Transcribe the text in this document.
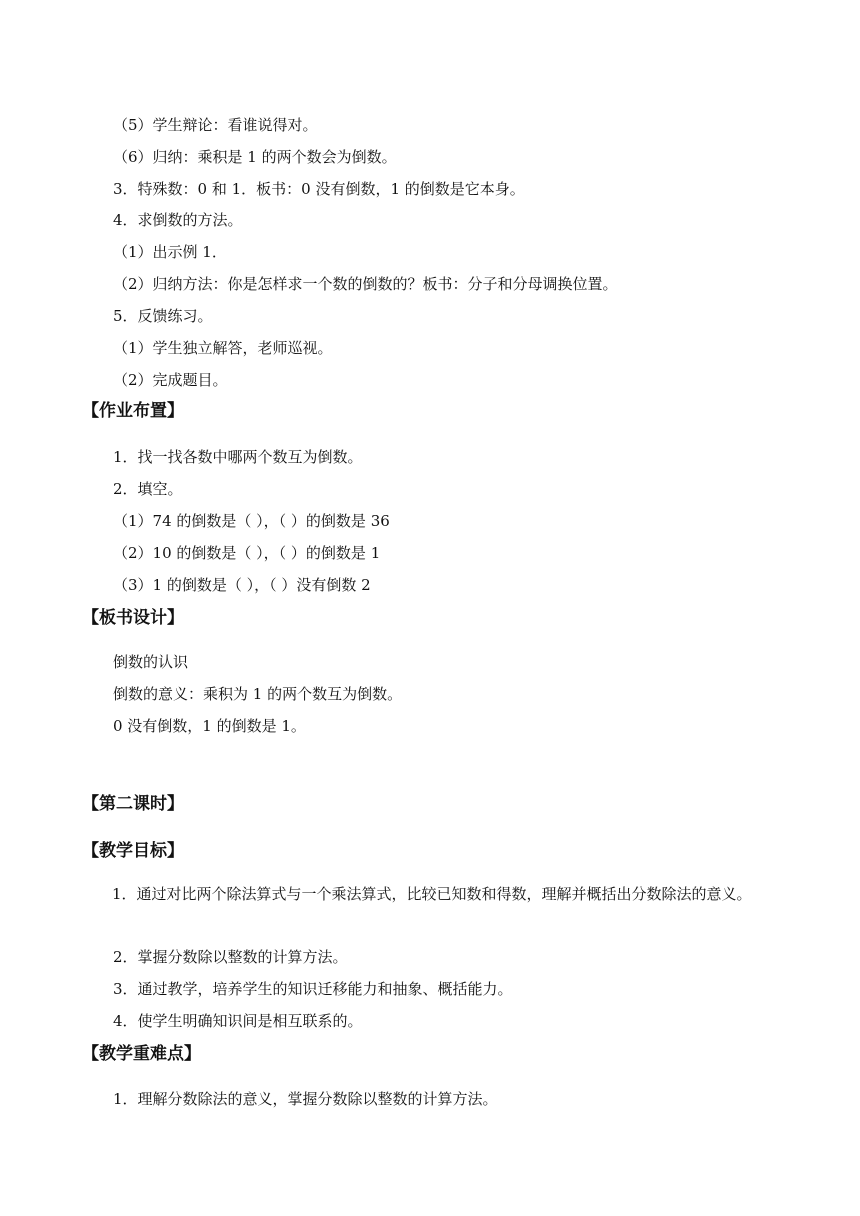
（5）学生辩论：看谁说得对。
（6）归纳：乘积是 1 的两个数会为倒数。
3．特殊数：0 和 1．板书：0 没有倒数，1 的倒数是它本身。
4．求倒数的方法。
（1）出示例 1．
（2）归纳方法：你是怎样求一个数的倒数的？板书：分子和分母调换位置。
5．反馈练习。
（1）学生独立解答，老师巡视。
（2）完成题目。
【作业布置】
1．找一找各数中哪两个数互为倒数。
2．填空。
（1）74 的倒数是（ ），（ ）的倒数是 36
（2）10 的倒数是（ ），（ ）的倒数是 1
（3）1 的倒数是（ ），（ ）没有倒数 2
【板书设计】
倒数的认识
倒数的意义：乘积为 1 的两个数互为倒数。
0 没有倒数，1 的倒数是 1。
【第二课时】
【教学目标】
1．通过对比两个除法算式与一个乘法算式，比较已知数和得数，理解并概括出分数除法的意义。
2．掌握分数除以整数的计算方法。
3．通过教学，培养学生的知识迁移能力和抽象、概括能力。
4．使学生明确知识间是相互联系的。
【教学重难点】
1．理解分数除法的意义，掌握分数除以整数的计算方法。
